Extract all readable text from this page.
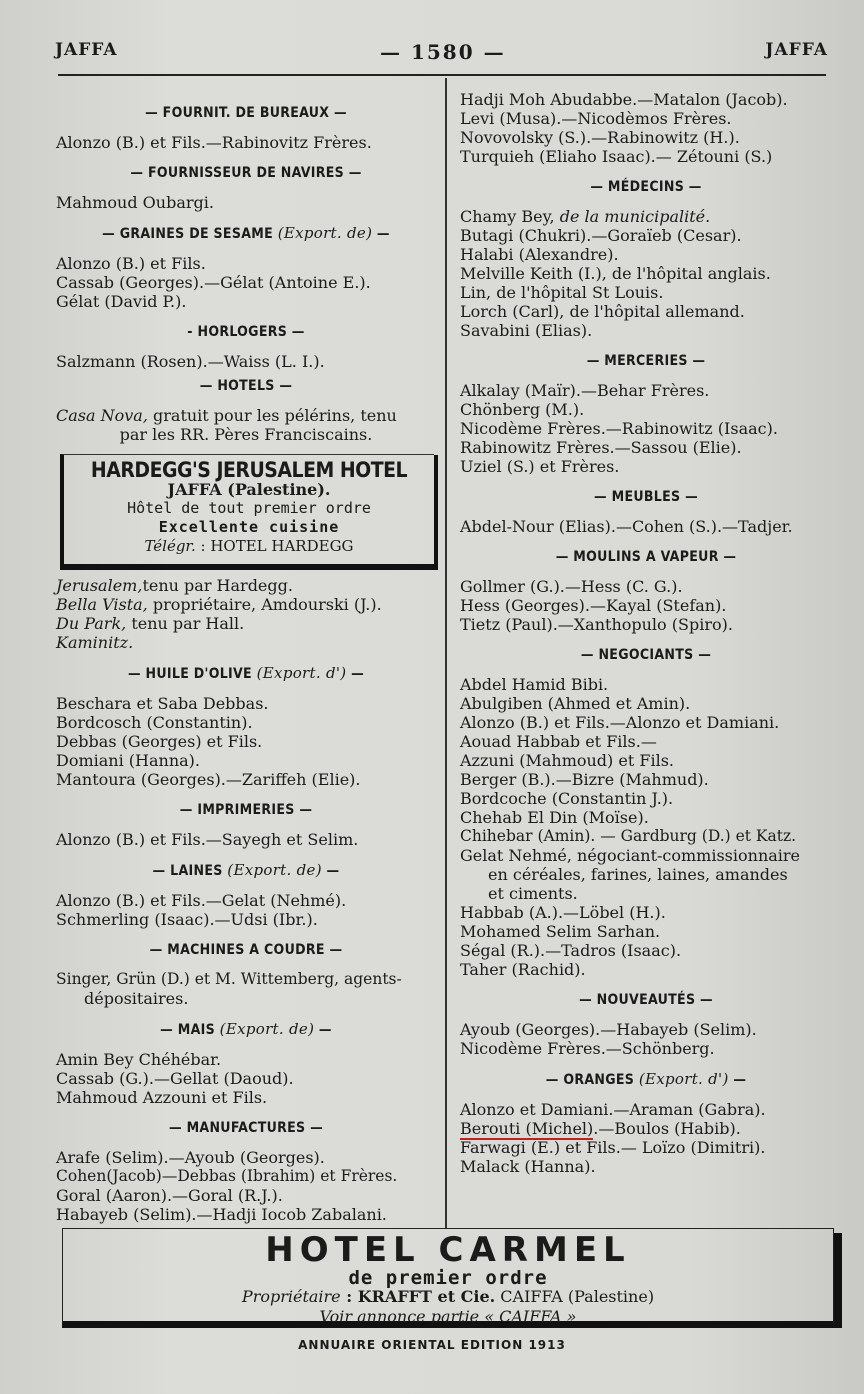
JAFFA	— 1580 —	JAFFA
— FOURNIT. DE BUREAUX —
Alonzo (B.) et Fils.—Rabinovitz Frères.
— FOURNISSEUR DE NAVIRES —
Mahmoud Oubargi.
— GRAINES DE SESAME (Export. de) —
Alonzo (B.) et Fils.
Cassab (Georges).—Gélat (Antoine E.).
Gélat (David P.).
- HORLOGERS —
Salzmann (Rosen).—Waiss (L. I.).
— HOTELS —
Casa Nova, gratuit pour les pélérins, tenu
par les RR. Pères Franciscains.
HARDEGG'S JERUSALEM HOTEL
JAFFA (Palestine).
Hôtel de tout premier ordre
Excellente cuisine
Télégr. : HOTEL HARDEGG
Jerusalem,tenu par Hardegg.
Bella Vista, propriétaire, Amdourski (J.).
Du Park, tenu par Hall.
Kaminitz.
— HUILE D'OLIVE (Export. d') —
Beschara et Saba Debbas.
Bordcosch (Constantin).
Debbas (Georges) et Fils.
Domiani (Hanna).
Mantoura (Georges).—Zariffeh (Elie).
— IMPRIMERIES —
Alonzo (B.) et Fils.—Sayegh et Selim.
— LAINES (Export. de) —
Alonzo (B.) et Fils.—Gelat (Nehmé).
Schmerling (Isaac).—Udsi (Ibr.).
— MACHINES A COUDRE —
Singer, Grün (D.) et M. Wittemberg, agents-
dépositaires.
— MAIS (Export. de) —
Amin Bey Chéhébar.
Cassab (G.).—Gellat (Daoud).
Mahmoud Azzouni et Fils.
— MANUFACTURES —
Arafe (Selim).—Ayoub (Georges).
Cohen(Jacob)—Debbas (Ibrahim) et Frères.
Goral (Aaron).—Goral (R.J.).
Habayeb (Selim).—Hadji Iocob Zabalani.
Hadji Moh Abudabbe.—Matalon (Jacob).
Levi (Musa).—Nicodèmos Frères.
Novovolsky (S.).—Rabinowitz (H.).
Turquieh (Eliaho Isaac).— Zétouni (S.)
— MÉDECINS —
Chamy Bey, de la municipalité.
Butagi (Chukri).—Goraïeb (Cesar).
Halabi (Alexandre).
Melville Keith (I.), de l'hôpital anglais.
Lin, de l'hôpital St Louis.
Lorch (Carl), de l'hôpital allemand.
Savabini (Elias).
— MERCERIES —
Alkalay (Maïr).—Behar Frères.
Chönberg (M.).
Nicodème Frères.—Rabinowitz (Isaac).
Rabinowitz Frères.—Sassou (Elie).
Uziel (S.) et Frères.
— MEUBLES —
Abdel-Nour (Elias).—Cohen (S.).—Tadjer.
— MOULINS A VAPEUR —
Gollmer (G.).—Hess (C. G.).
Hess (Georges).—Kayal (Stefan).
Tietz (Paul).—Xanthopulo (Spiro).
— NEGOCIANTS —
Abdel Hamid Bibi.
Abulgiben (Ahmed et Amin).
Alonzo (B.) et Fils.—Alonzo et Damiani.
Aouad Habbab et Fils.—
Azzuni (Mahmoud) et Fils.
Berger (B.).—Bizre (Mahmud).
Bordcoche (Constantin J.).
Chehab El Din (Moïse).
Chihebar (Amin). — Gardburg (D.) et Katz.
Gelat Nehmé, négociant-commissionnaire
en céréales, farines, laines, amandes
et ciments.
Habbab (A.).—Löbel (H.).
Mohamed Selim Sarhan.
Ségal (R.).—Tadros (Isaac).
Taher (Rachid).
— NOUVEAUTÉS —
Ayoub (Georges).—Habayeb (Selim).
Nicodème Frères.—Schönberg.
— ORANGES (Export. d') —
Alonzo et Damiani.—Araman (Gabra).
Berouti (Michel).—Boulos (Habib).
Farwagi (E.) et Fils.— Loïzo (Dimitri).
Malack (Hanna).
HOTEL CARMEL
de premier ordre
Propriétaire : KRAFFT et Cie. CAIFFA (Palestine)
Voir annonce partie « CAIFFA »
ANNUAIRE ORIENTAL EDITION 1913
